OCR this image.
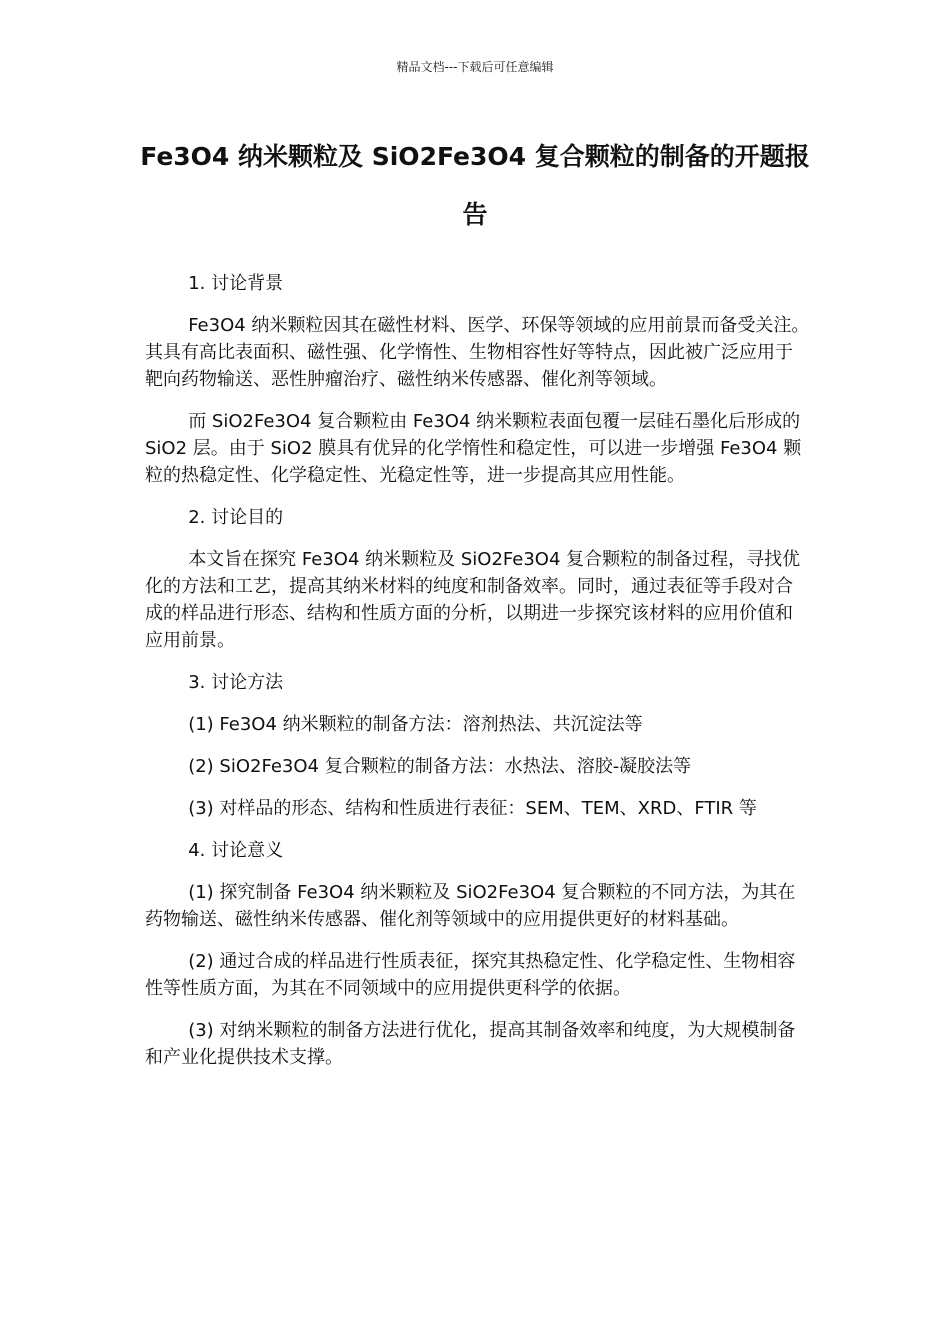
精品文档---下载后可任意编辑
Fe3O4 纳米颗粒及 SiO2Fe3O4 复合颗粒的制备的开题报告

1. 讨论背景

Fe3O4 纳米颗粒因其在磁性材料、医学、环保等领域的应用前景而备受关注。其具有高比表面积、磁性强、化学惰性、生物相容性好等特点，因此被广泛应用于靶向药物输送、恶性肿瘤治疗、磁性纳米传感器、催化剂等领域。

而 SiO2Fe3O4 复合颗粒由 Fe3O4 纳米颗粒表面包覆一层硅石墨化后形成的 SiO2 层。由于 SiO2 膜具有优异的化学惰性和稳定性，可以进一步增强 Fe3O4 颗粒的热稳定性、化学稳定性、光稳定性等，进一步提高其应用性能。

2. 讨论目的

本文旨在探究 Fe3O4 纳米颗粒及 SiO2Fe3O4 复合颗粒的制备过程，寻找优化的方法和工艺，提高其纳米材料的纯度和制备效率。同时，通过表征等手段对合成的样品进行形态、结构和性质方面的分析，以期进一步探究该材料的应用价值和应用前景。

3. 讨论方法

(1) Fe3O4 纳米颗粒的制备方法：溶剂热法、共沉淀法等

(2) SiO2Fe3O4 复合颗粒的制备方法：水热法、溶胶-凝胶法等

(3) 对样品的形态、结构和性质进行表征：SEM、TEM、XRD、FTIR 等

4. 讨论意义

(1) 探究制备 Fe3O4 纳米颗粒及 SiO2Fe3O4 复合颗粒的不同方法，为其在药物输送、磁性纳米传感器、催化剂等领域中的应用提供更好的材料基础。

(2) 通过合成的样品进行性质表征，探究其热稳定性、化学稳定性、生物相容性等性质方面，为其在不同领域中的应用提供更科学的依据。

(3) 对纳米颗粒的制备方法进行优化，提高其制备效率和纯度，为大规模制备和产业化提供技术支撑。
